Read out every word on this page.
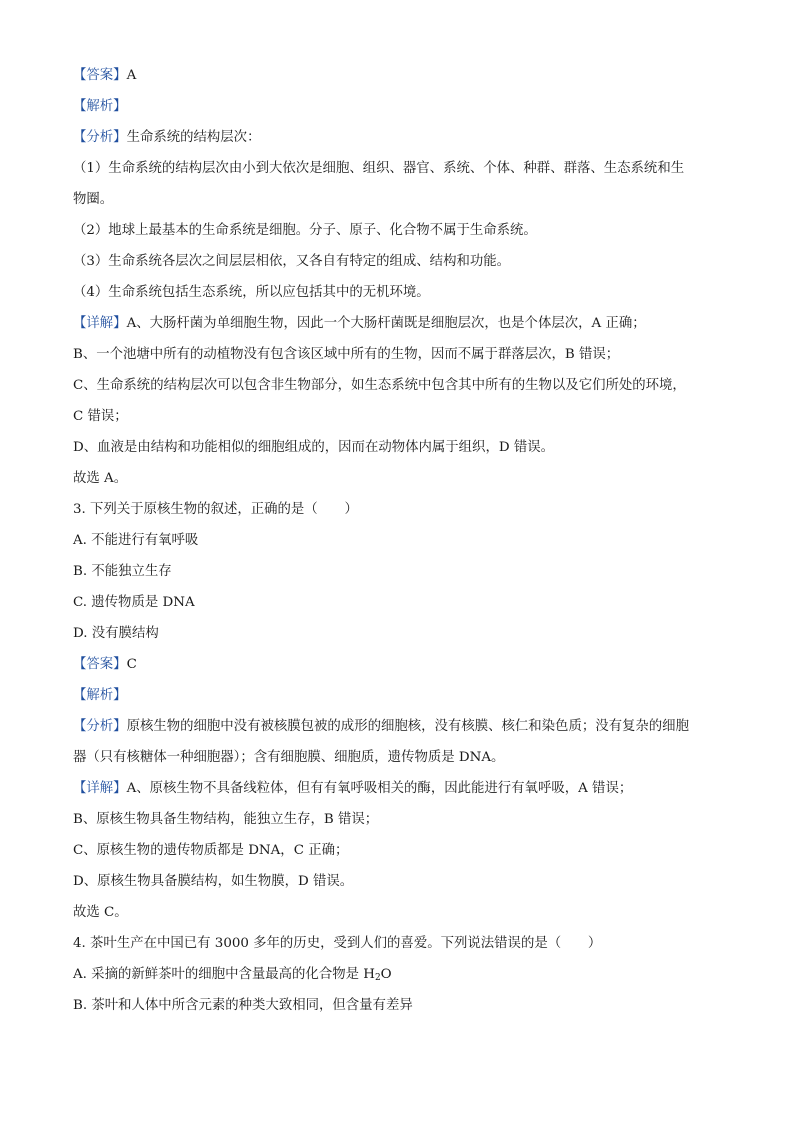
【答案】A
【解析】
【分析】生命系统的结构层次：
（1）生命系统的结构层次由小到大依次是细胞、组织、器官、系统、个体、种群、群落、生态系统和生
物圈。
（2）地球上最基本的生命系统是细胞。分子、原子、化合物不属于生命系统。
（3）生命系统各层次之间层层相依，又各自有特定的组成、结构和功能。
（4）生命系统包括生态系统，所以应包括其中的无机环境。
【详解】A、大肠杆菌为单细胞生物，因此一个大肠杆菌既是细胞层次，也是个体层次，A 正确；
B、一个池塘中所有的动植物没有包含该区域中所有的生物，因而不属于群落层次，B 错误；
C、生命系统的结构层次可以包含非生物部分，如生态系统中包含其中所有的生物以及它们所处的环境，
C 错误；
D、血液是由结构和功能相似的细胞组成的，因而在动物体内属于组织，D 错误。
故选 A。
3. 下列关于原核生物的叙述，正确的是（　　）
A. 不能进行有氧呼吸
B. 不能独立生存
C. 遗传物质是 DNA
D. 没有膜结构
【答案】C
【解析】
【分析】原核生物的细胞中没有被核膜包被的成形的细胞核，没有核膜、核仁和染色质；没有复杂的细胞
器（只有核糖体一种细胞器）；含有细胞膜、细胞质，遗传物质是 DNA。
【详解】A、原核生物不具备线粒体，但有有氧呼吸相关的酶，因此能进行有氧呼吸，A 错误；
B、原核生物具备生物结构，能独立生存，B 错误；
C、原核生物的遗传物质都是 DNA，C 正确；
D、原核生物具备膜结构，如生物膜，D 错误。
故选 C。
4. 茶叶生产在中国已有 3000 多年的历史，受到人们的喜爱。下列说法错误的是（　　）
A. 采摘的新鲜茶叶的细胞中含量最高的化合物是 $H_2O$
B. 茶叶和人体中所含元素的种类大致相同，但含量有差异
